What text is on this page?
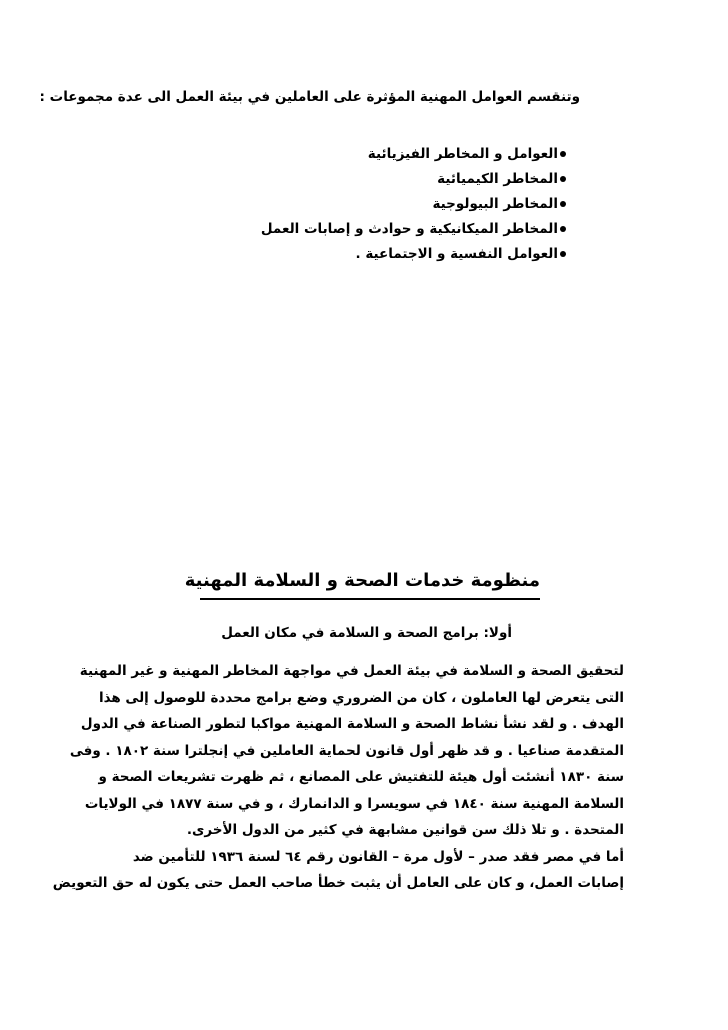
وتنقسم العوامل المهنية المؤثرة على العاملين في بيئة العمل الى عدة مجموعات :
العوامل و المخاطر الفيزيائية
المخاطر الكيميائية
المخاطر البيولوجية
المخاطر الميكانيكية و حوادث و إصابات العمل
العوامل النفسية و الاجتماعية .
منظومة خدمات الصحة و السلامة المهنية
أولا: برامج الصحة و السلامة في مكان العمل
لتحقيق الصحة و السلامة في بيئة العمل في مواجهة المخاطر المهنية و غير المهنية
التى يتعرض لها العاملون ، كان من الضروري وضع برامج محددة للوصول إلى هذا
الهدف . و لقد نشأ نشاط الصحة و السلامة المهنية مواكبا لتطور الصناعة في الدول
المتقدمة صناعيا . و قد ظهر أول قانون لحماية العاملين في إنجلترا سنة ١٨٠٢ . وفى
سنة ١٨٣٠ أنشئت أول هيئة للتفتيش على المصانع ، ثم ظهرت تشريعات الصحة و
السلامة المهنية سنة ١٨٤٠ في سويسرا و الدانمارك ، و في سنة ١٨٧٧ في الولايات
المتحدة . و تلا ذلك سن قوانين مشابهة في كثير من الدول الأخرى.
أما في مصر فقد صدر – لأول مرة – القانون رقم ٦٤ لسنة ١٩٣٦ للتأمين ضد
إصابات العمل، و كان على العامل أن يثبت خطأ صاحب العمل حتى يكون له حق التعويض
